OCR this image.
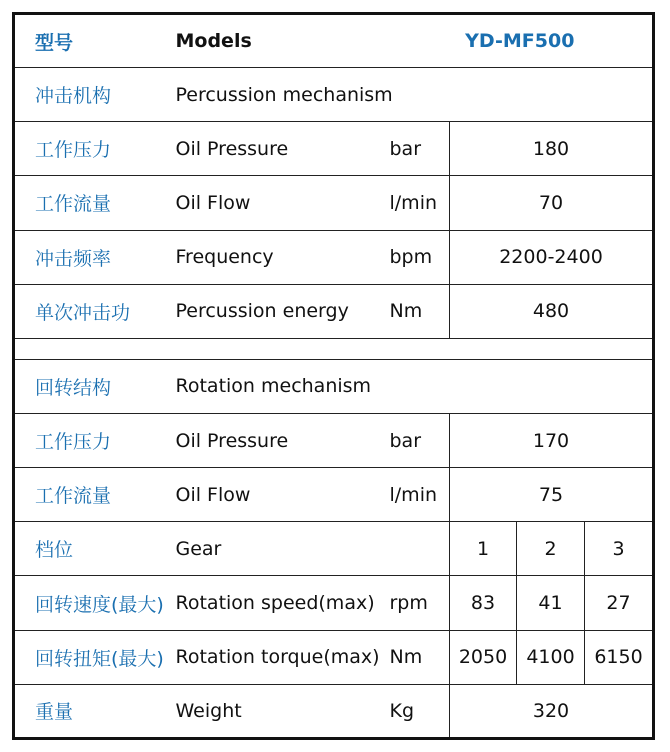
型号	Models	YD-MF500			
冲击机构	Percussion mechanism				
工作压力	Oil Pressure	bar	180		
工作流量	Oil Flow	l/min	70		
冲击频率	Frequency	bpm	2200-2400		
单次冲击功	Percussion energy	Nm	480		

回转结构	Rotation mechanism				
工作压力	Oil Pressure	bar	170		
工作流量	Oil Flow	l/min	75		
档位	Gear		1	2	3
回转速度(最大)	Rotation speed(max)	rpm	83	41	27
回转扭矩(最大)	Rotation torque(max)	Nm	2050	4100	6150
重量	Weight	Kg	320		
